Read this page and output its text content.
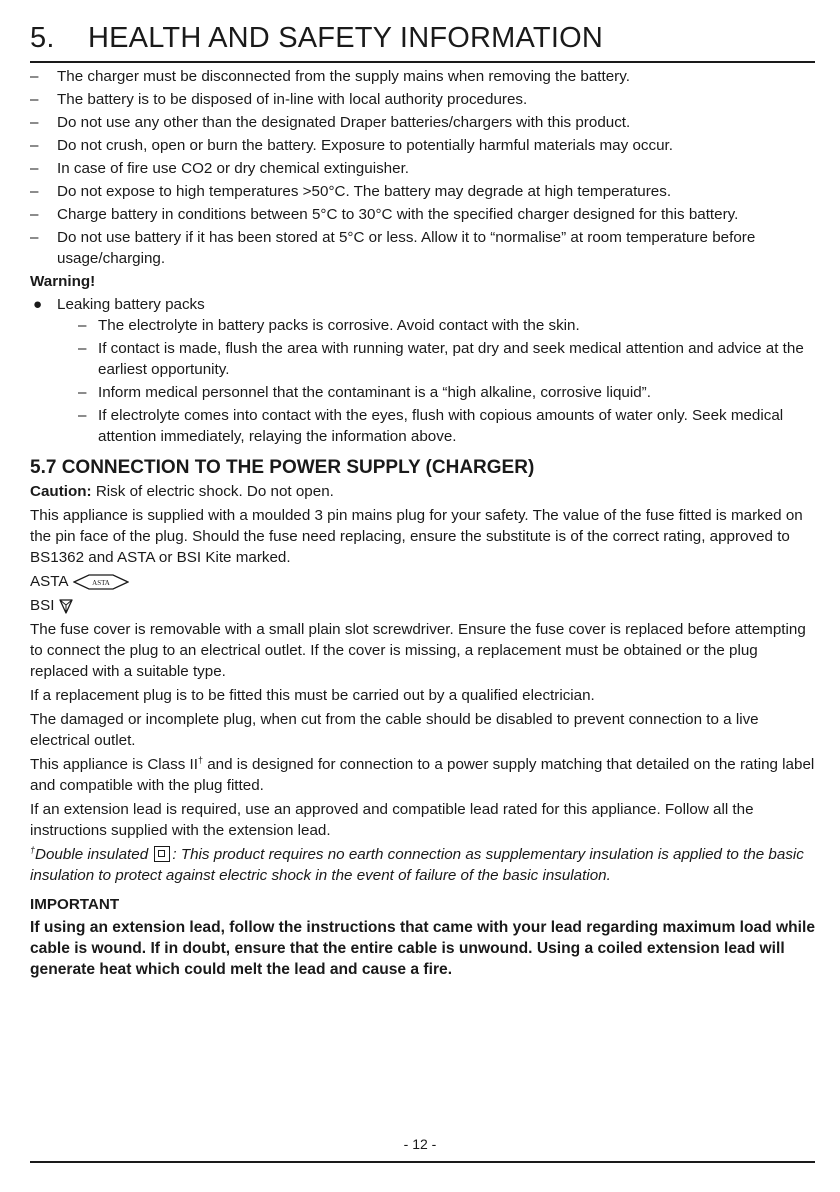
5. HEALTH AND SAFETY INFORMATION
– The charger must be disconnected from the supply mains when removing the battery.
– The battery is to be disposed of in-line with local authority procedures.
– Do not use any other than the designated Draper batteries/chargers with this product.
– Do not crush, open or burn the battery. Exposure to potentially harmful materials may occur.
– In case of fire use CO2 or dry chemical extinguisher.
– Do not expose to high temperatures >50°C. The battery may degrade at high temperatures.
– Charge battery in conditions between 5°C to 30°C with the specified charger designed for this battery.
– Do not use battery if it has been stored at 5°C or less. Allow it to “normalise” at room temperature before usage/charging.
Warning!
● Leaking battery packs
– The electrolyte in battery packs is corrosive. Avoid contact with the skin.
– If contact is made, flush the area with running water, pat dry and seek medical attention and advice at the earliest opportunity.
– Inform medical personnel that the contaminant is a “high alkaline, corrosive liquid”.
– If electrolyte comes into contact with the eyes, flush with copious amounts of water only. Seek medical attention immediately, relaying the information above.
5.7 CONNECTION TO THE POWER SUPPLY (CHARGER)

Caution: Risk of electric shock. Do not open.

This appliance is supplied with a moulded 3 pin mains plug for your safety. The value of the fuse fitted is marked on the pin face of the plug. Should the fuse need replacing, ensure the substitute is of the correct rating, approved to BS1362 and ASTA or BSI Kite marked.

ASTA	ASTA
BSI

The fuse cover is removable with a small plain slot screwdriver. Ensure the fuse cover is replaced before attempting to connect the plug to an electrical outlet. If the cover is missing, a replacement must be obtained or the plug replaced with a suitable type.

If a replacement plug is to be fitted this must be carried out by a qualified electrician.

The damaged or incomplete plug, when cut from the cable should be disabled to prevent connection to a live electrical outlet.

This appliance is Class II† and is designed for connection to a power supply matching that detailed on the rating label and compatible with the plug fitted.

If an extension lead is required, use an approved and compatible lead rated for this appliance. Follow all the instructions supplied with the extension lead.

†Double insulated : This product requires no earth connection as supplementary insulation is applied to the basic insulation to protect against electric shock in the event of failure of the basic insulation.

IMPORTANT
If using an extension lead, follow the instructions that came with your lead regarding maximum load while cable is wound. If in doubt, ensure that the entire cable is unwound. Using a coiled extension lead will generate heat which could melt the lead and cause a fire.
- 12 -
